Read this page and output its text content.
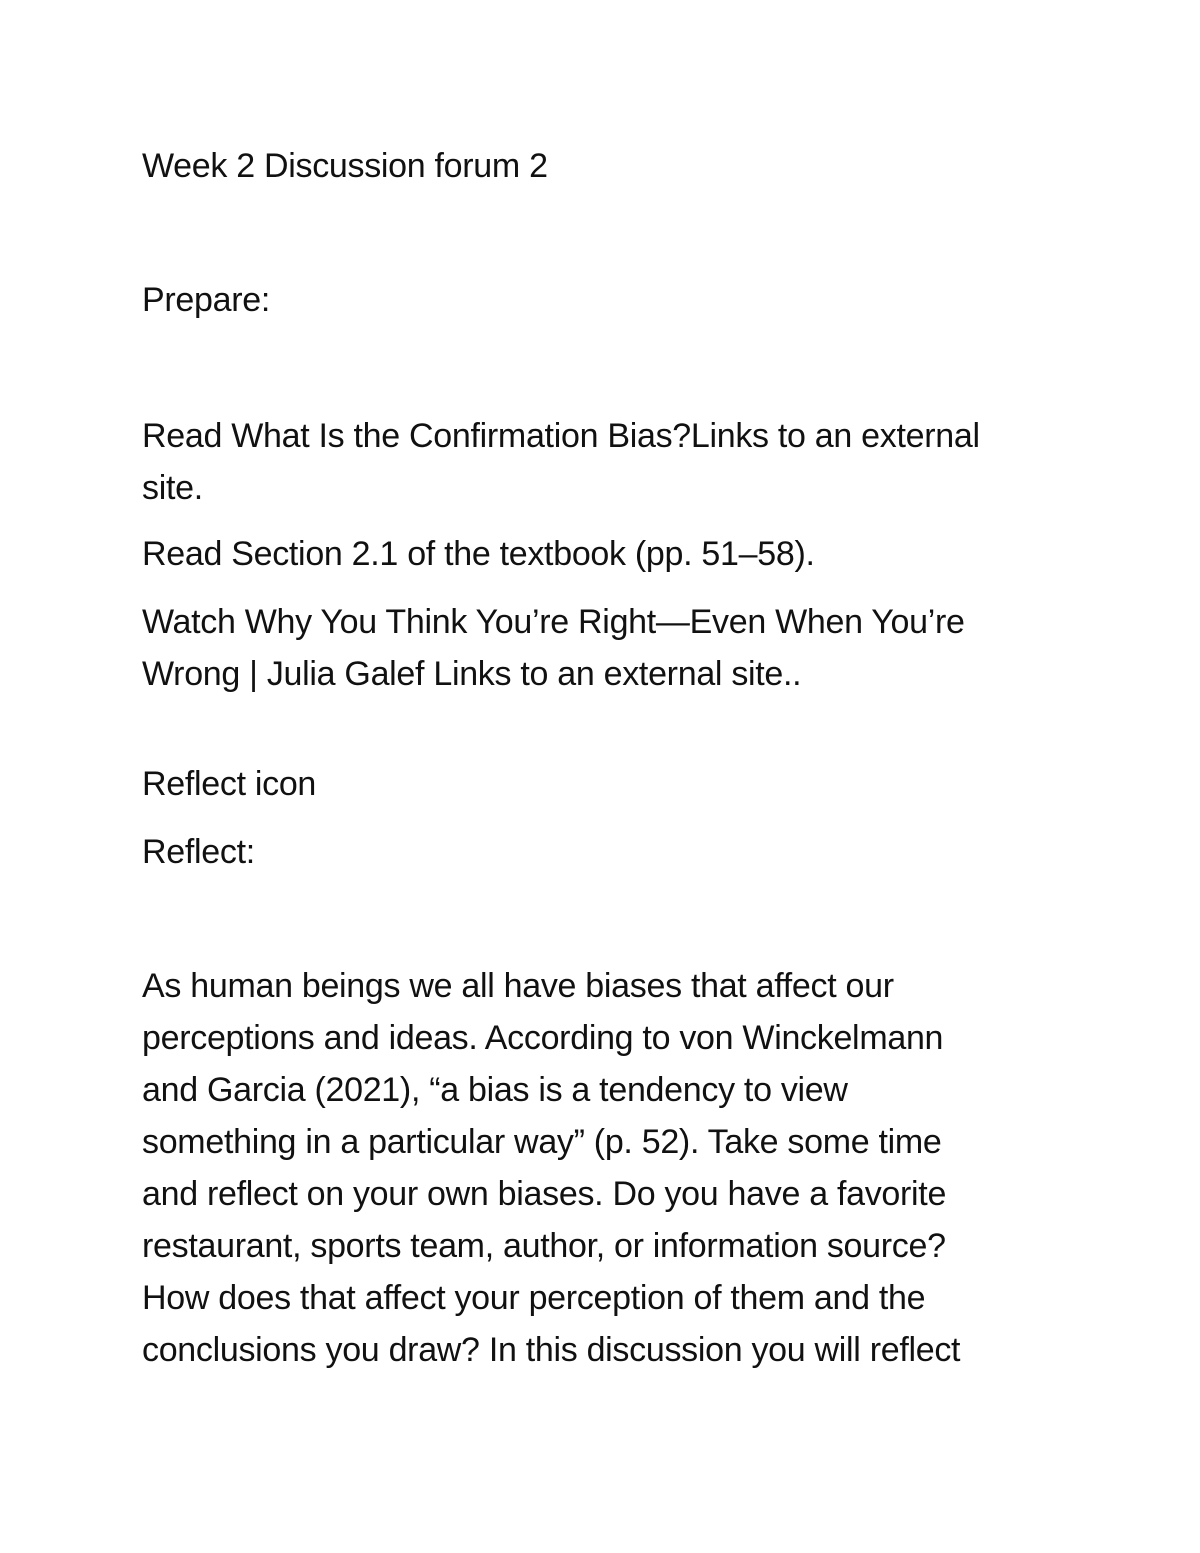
Week 2 Discussion forum 2

Prepare:

Read What Is the Confirmation Bias?Links to an external

site.

Read Section 2.1 of the textbook (pp. 51–58).

Watch Why You Think You’re Right—Even When You’re

Wrong | Julia Galef Links to an external site..

Reflect icon

Reflect:

As human beings we all have biases that affect our

perceptions and ideas. According to von Winckelmann

and Garcia (2021), “a bias is a tendency to view

something in a particular way” (p. 52). Take some time

and reflect on your own biases. Do you have a favorite

restaurant, sports team, author, or information source?

How does that affect your perception of them and the

conclusions you draw? In this discussion you will reflect
